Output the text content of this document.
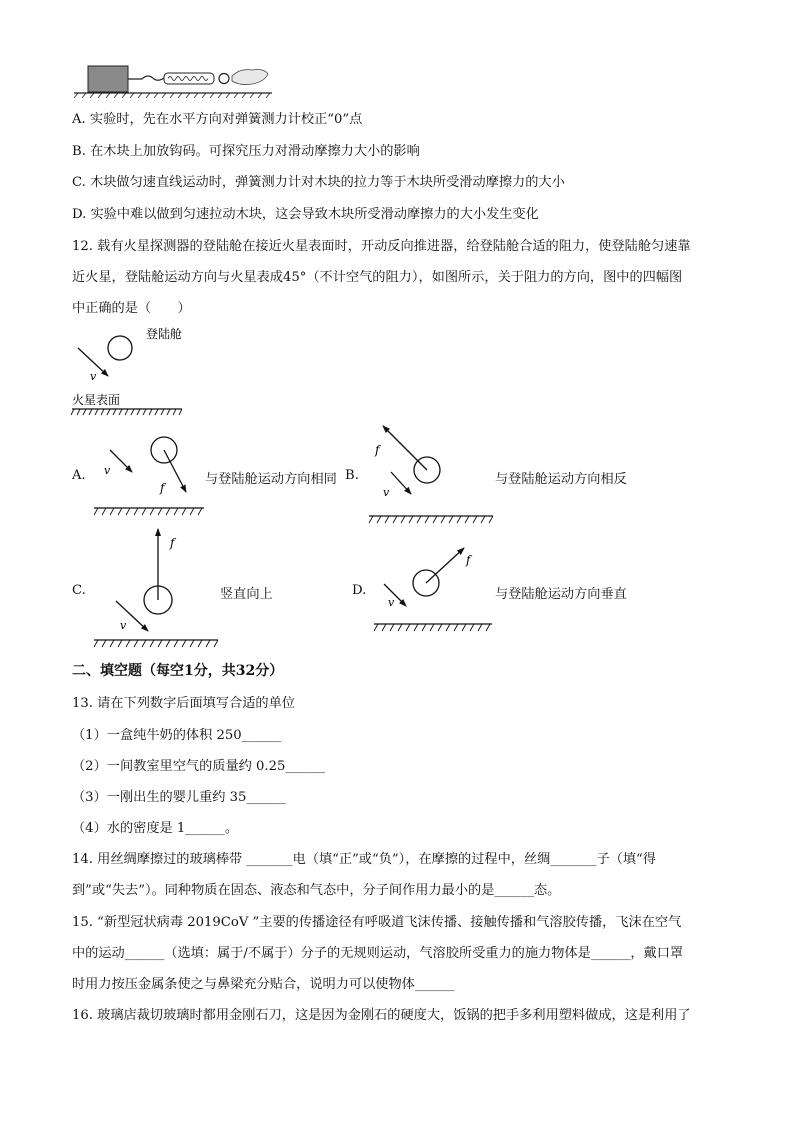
A. 实验时，先在水平方向对弹簧测力计校正“0”点
B. 在木块上加放钩码。可探究压力对滑动摩擦力大小的影响
C. 木块做匀速直线运动时，弹簧测力计对木块的拉力等于木块所受滑动摩擦力的大小
D. 实验中难以做到匀速拉动木块，这会导致木块所受滑动摩擦力的大小发生变化
12. 载有火星探测器的登陆舱在接近火星表面时，开动反向推进器，给登陆舱合适的阻力，使登陆舱匀速靠
近火星，登陆舱运动方向与火星表成45°（不计空气的阻力），如图所示，关于阻力的方向，图中的四幅图
中正确的是（　　）
登陆舱
v
火星表面
A. v
f
与登陆舱运动方向相同 B.
f
v
与登陆舱运动方向相反
C.
f
v
竖直向上	D.
f
v
与登陆舱运动方向垂直
二、填空题（每空1分，共32分）
13. 请在下列数字后面填写合适的单位
（1）一盒纯牛奶的体积 250______
（2）一间教室里空气的质量约 0.25______
（3）一刚出生的婴儿重约 35______
（4）水的密度是 1______。
14. 用丝绸摩擦过的玻璃棒带 _______电（填“正”或“负”），在摩擦的过程中，丝绸_______子（填“得
到”或“失去”）。同种物质在固态、液态和气态中，分子间作用力最小的是______态。
15. “新型冠状病毒 2019CoV ”主要的传播途径有呼吸道飞沫传播、接触传播和气溶胶传播，飞沫在空气
中的运动______（选填：属于/不属于）分子的无规则运动，气溶胶所受重力的施力物体是______，戴口罩
时用力按压金属条使之与鼻梁充分贴合，说明力可以使物体______
16. 玻璃店裁切玻璃时都用金刚石刀，这是因为金刚石的硬度大，饭锅的把手多利用塑料做成，这是利用了
